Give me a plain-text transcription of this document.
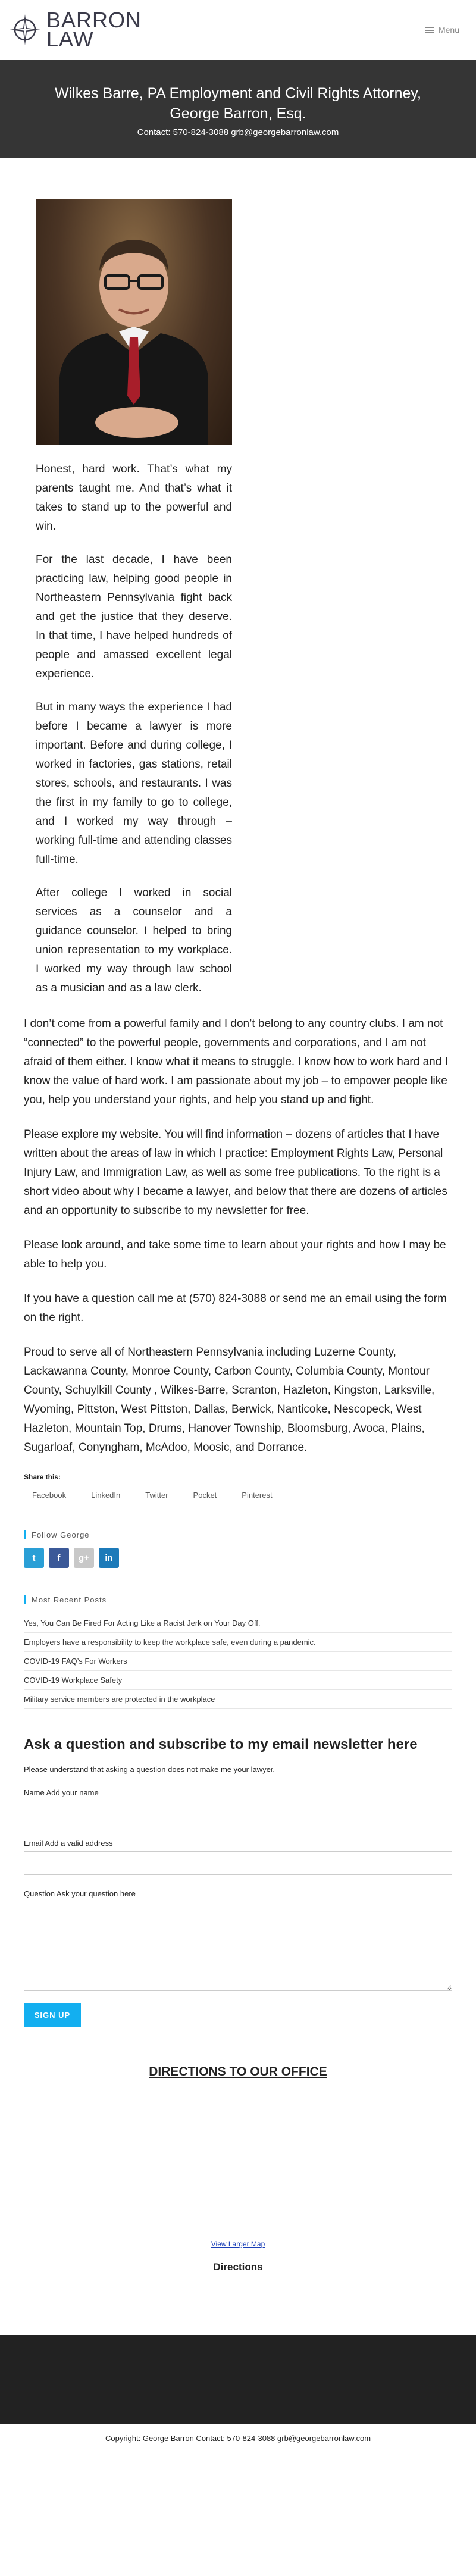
BARRON
LAW	Menu
Wilkes Barre, PA Employment and Civil Rights Attorney, George Barron, Esq.
Contact: 570-824-3088 grb@georgebarronlaw.com

Honest, hard work. That’s what my parents taught me. And that’s what it takes to stand up to the powerful and win.

For the last decade, I have been practicing law, helping good people in Northeastern Pennsylvania fight back and get the justice that they deserve. In that time, I have helped hundreds of people and amassed excellent legal experience.

But in many ways the experience I had before I became a lawyer is more important. Before and during college, I worked in factories, gas stations, retail stores, schools, and restaurants. I was the first in my family to go to college, and I worked my way through – working full-time and attending classes full-time.

After college I worked in social services as a counselor and a guidance counselor. I helped to bring union representation to my workplace. I worked my way through law school as a musician and as a law clerk.

I don’t come from a powerful family and I don’t belong to any country clubs. I am not “connected” to the powerful people, governments and corporations, and I am not afraid of them either. I know what it means to struggle. I know how to work hard and I know the value of hard work. I am passionate about my job – to empower people like you, help you understand your rights, and help you stand up and fight.

Please explore my website. You will find information – dozens of articles that I have written about the areas of law in which I practice: Employment Rights Law, Personal Injury Law, and Immigration Law, as well as some free publications. To the right is a short video about why I became a lawyer, and below that there are dozens of articles and an opportunity to subscribe to my newsletter for free.

Please look around, and take some time to learn about your rights and how I may be able to help you.

If you have a question call me at (570) 824-3088 or send me an email using the form on the right.

Proud to serve all of Northeastern Pennsylvania including Luzerne County, Lackawanna County, Monroe County, Carbon County, Columbia County, Montour County, Schuylkill County , Wilkes-Barre, Scranton, Hazleton, Kingston, Larksville, Wyoming, Pittston, West Pittston, Dallas, Berwick, Nanticoke, Nescopeck, West Hazleton, Mountain Top, Drums, Hanover Township, Bloomsburg, Avoca, Plains, Sugarloaf, Conyngham, McAdoo, Moosic, and Dorrance.

Share this:
Facebook	LinkedIn	Twitter	Pocket	Pinterest
Follow George
t	f	g+	in
Most Recent Posts
Yes, You Can Be Fired For Acting Like a Racist Jerk on Your Day Off.
Employers have a responsibility to keep the workplace safe, even during a pandemic.
COVID-19 FAQ’s For Workers
COVID-19 Workplace Safety
Military service members are protected in the workplace
Ask a question and subscribe to my email newsletter here
Please understand that asking a question does not make me your lawyer.
Name Add your name
Email Add a valid address
Question Ask your question here
SIGN UP
DIRECTIONS TO OUR OFFICE
View Larger Map
Directions
Copyright: George Barron Contact: 570-824-3088 grb@georgebarronlaw.com
